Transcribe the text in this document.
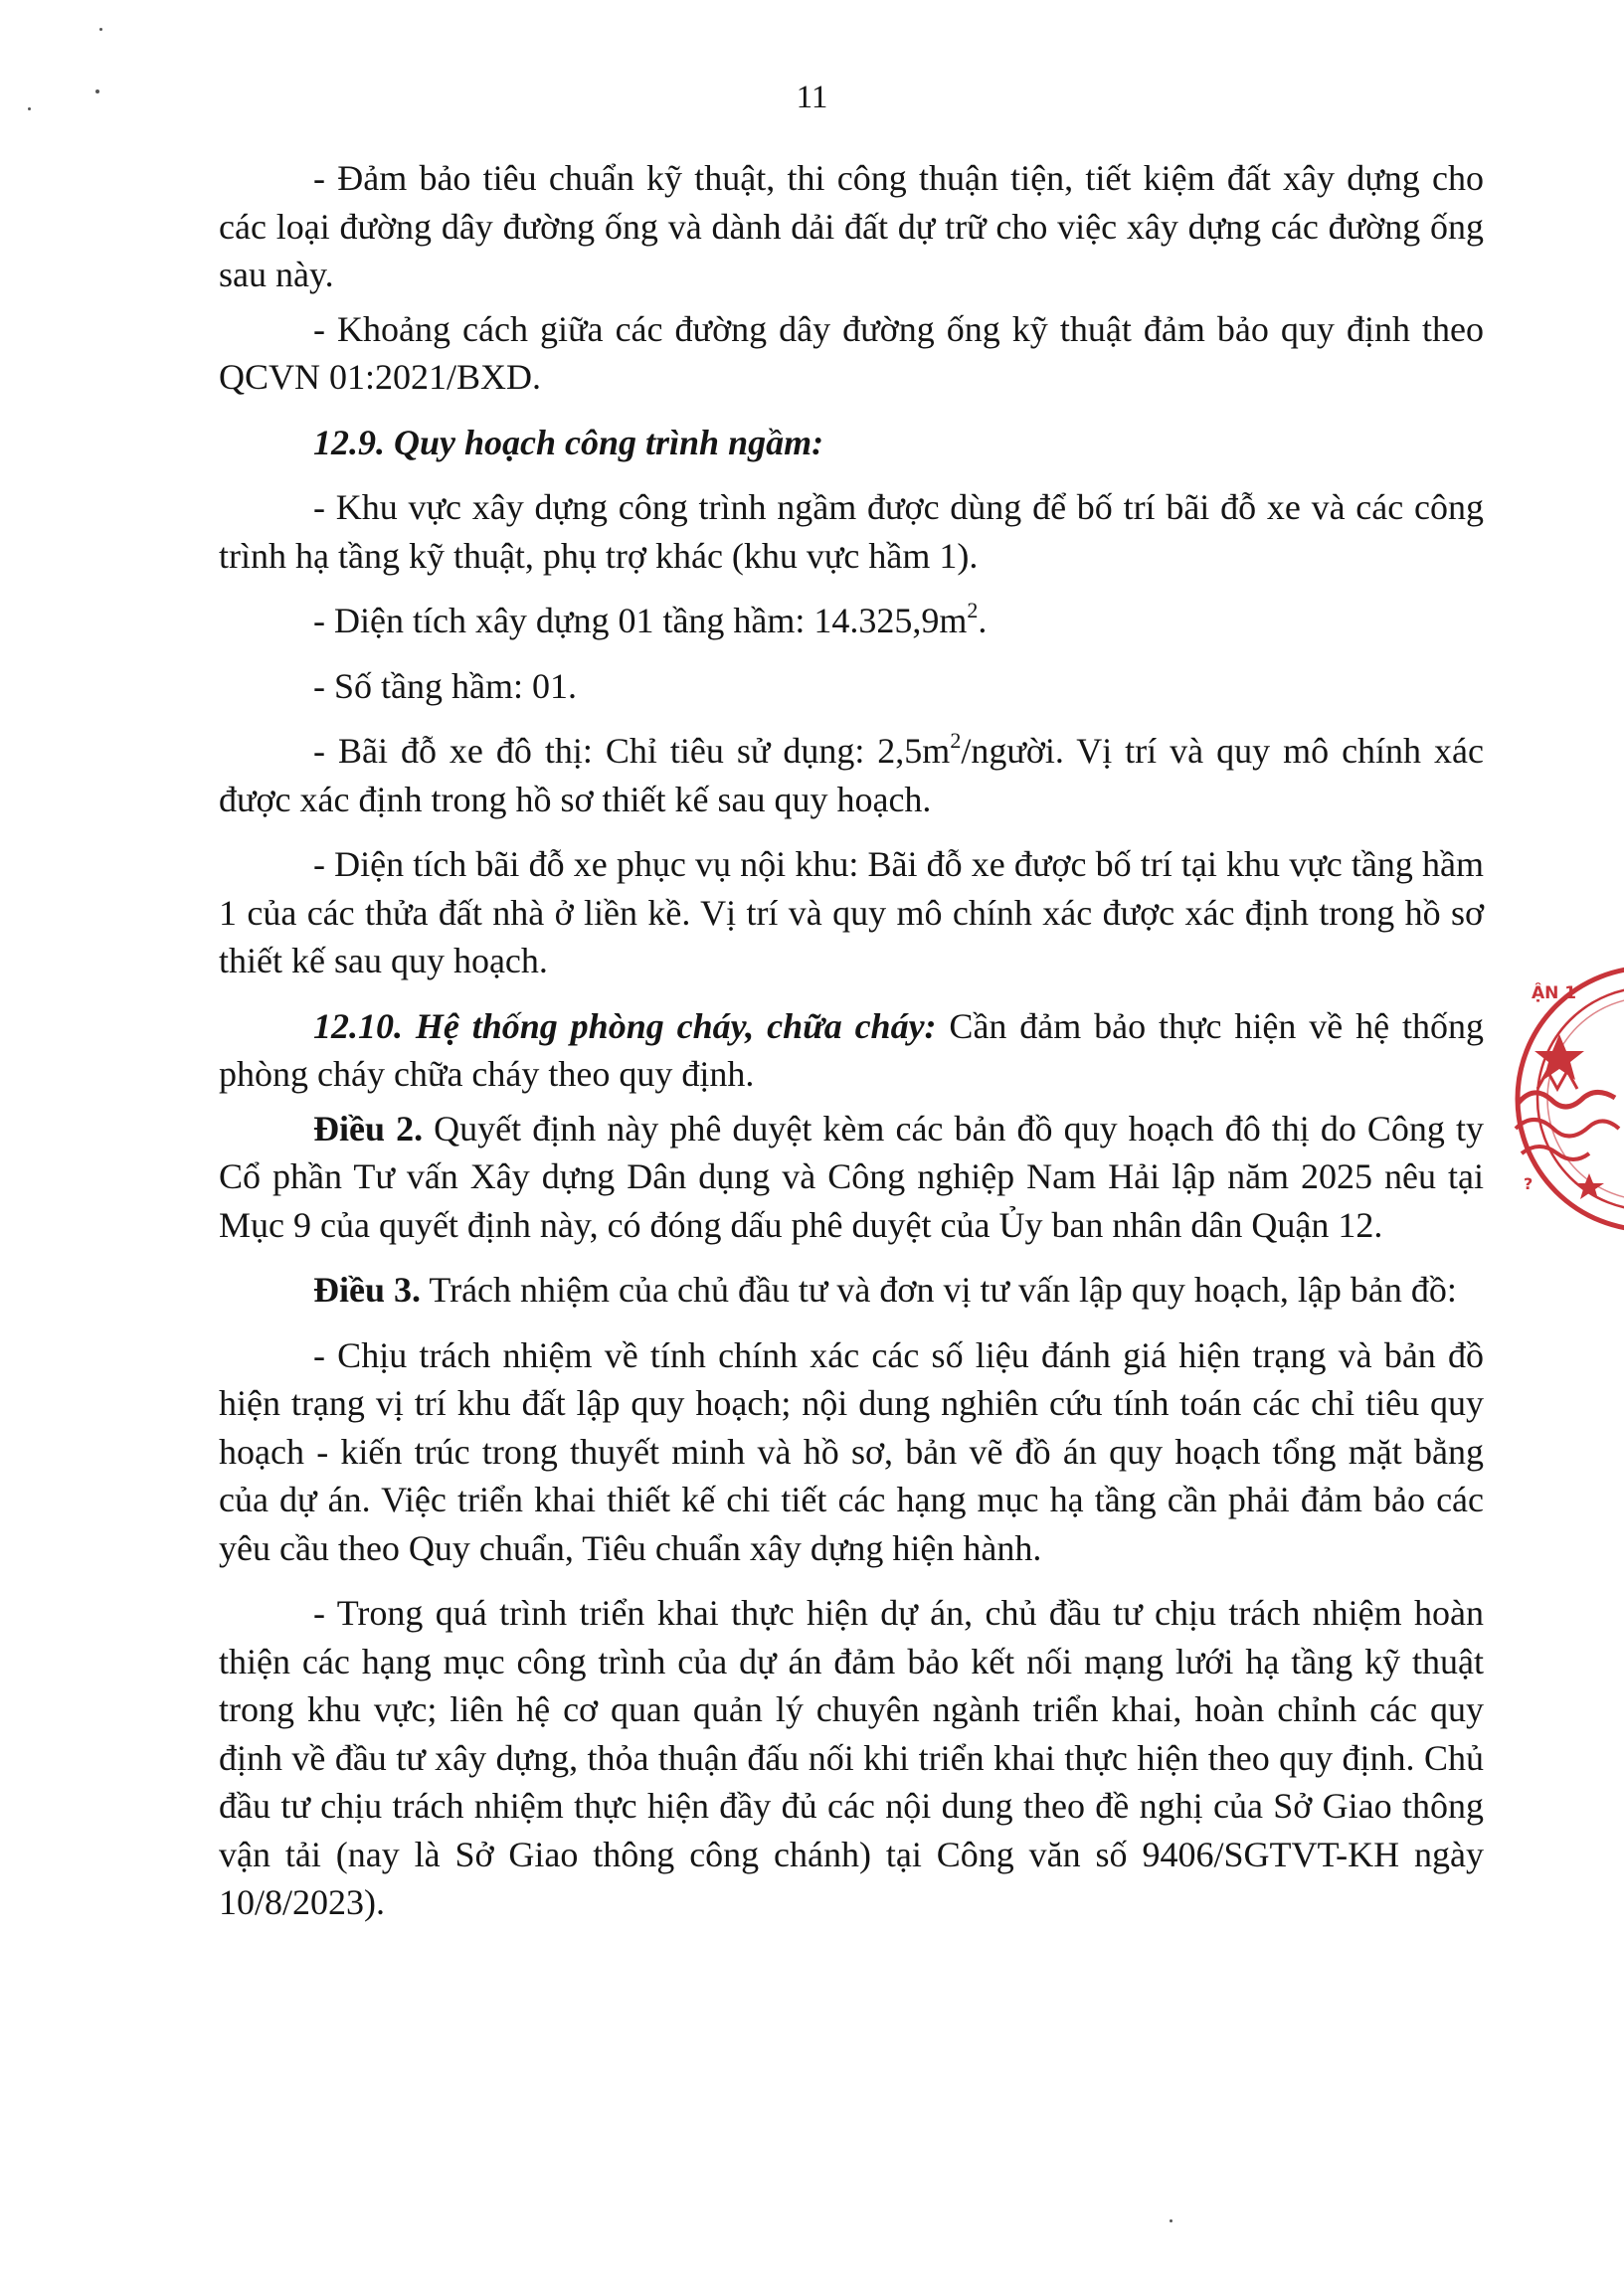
11

- Đảm bảo tiêu chuẩn kỹ thuật, thi công thuận tiện, tiết kiệm đất xây dựng cho các loại đường dây đường ống và dành dải đất dự trữ cho việc xây dựng các đường ống sau này.

- Khoảng cách giữa các đường dây đường ống kỹ thuật đảm bảo quy định theo QCVN 01:2021/BXD.

12.9. Quy hoạch công trình ngầm:

- Khu vực xây dựng công trình ngầm được dùng để bố trí bãi đỗ xe và các công trình hạ tầng kỹ thuật, phụ trợ khác (khu vực hầm 1).

- Diện tích xây dựng 01 tầng hầm: $14.325,9m^2$.

- Số tầng hầm: 01.

- Bãi đỗ xe đô thị: Chỉ tiêu sử dụng: $2,5m^2$/người. Vị trí và quy mô chính xác được xác định trong hồ sơ thiết kế sau quy hoạch.

- Diện tích bãi đỗ xe phục vụ nội khu: Bãi đỗ xe được bố trí tại khu vực tầng hầm 1 của các thửa đất nhà ở liền kề. Vị trí và quy mô chính xác được xác định trong hồ sơ thiết kế sau quy hoạch.

12.10. Hệ thống phòng cháy, chữa cháy: Cần đảm bảo thực hiện về hệ thống phòng cháy chữa cháy theo quy định.

Điều 2. Quyết định này phê duyệt kèm các bản đồ quy hoạch đô thị do Công ty Cổ phần Tư vấn Xây dựng Dân dụng và Công nghiệp Nam Hải lập năm 2025 nêu tại Mục 9 của quyết định này, có đóng dấu phê duyệt của Ủy ban nhân dân Quận 12.

Điều 3. Trách nhiệm của chủ đầu tư và đơn vị tư vấn lập quy hoạch, lập bản đồ:

- Chịu trách nhiệm về tính chính xác các số liệu đánh giá hiện trạng và bản đồ hiện trạng vị trí khu đất lập quy hoạch; nội dung nghiên cứu tính toán các chỉ tiêu quy hoạch - kiến trúc trong thuyết minh và hồ sơ, bản vẽ đồ án quy hoạch tổng mặt bằng của dự án. Việc triển khai thiết kế chi tiết các hạng mục hạ tầng cần phải đảm bảo các yêu cầu theo Quy chuẩn, Tiêu chuẩn xây dựng hiện hành.

- Trong quá trình triển khai thực hiện dự án, chủ đầu tư chịu trách nhiệm hoàn thiện các hạng mục công trình của dự án đảm bảo kết nối mạng lưới hạ tầng kỹ thuật trong khu vực; liên hệ cơ quan quản lý chuyên ngành triển khai, hoàn chỉnh các quy định về đầu tư xây dựng, thỏa thuận đấu nối khi triển khai thực hiện theo quy định. Chủ đầu tư chịu trách nhiệm thực hiện đầy đủ các nội dung theo đề nghị của Sở Giao thông vận tải (nay là Sở Giao thông công chánh) tại Công văn số 9406/SGTVT-KH ngày 10/8/2023).

ẬN 1
?
